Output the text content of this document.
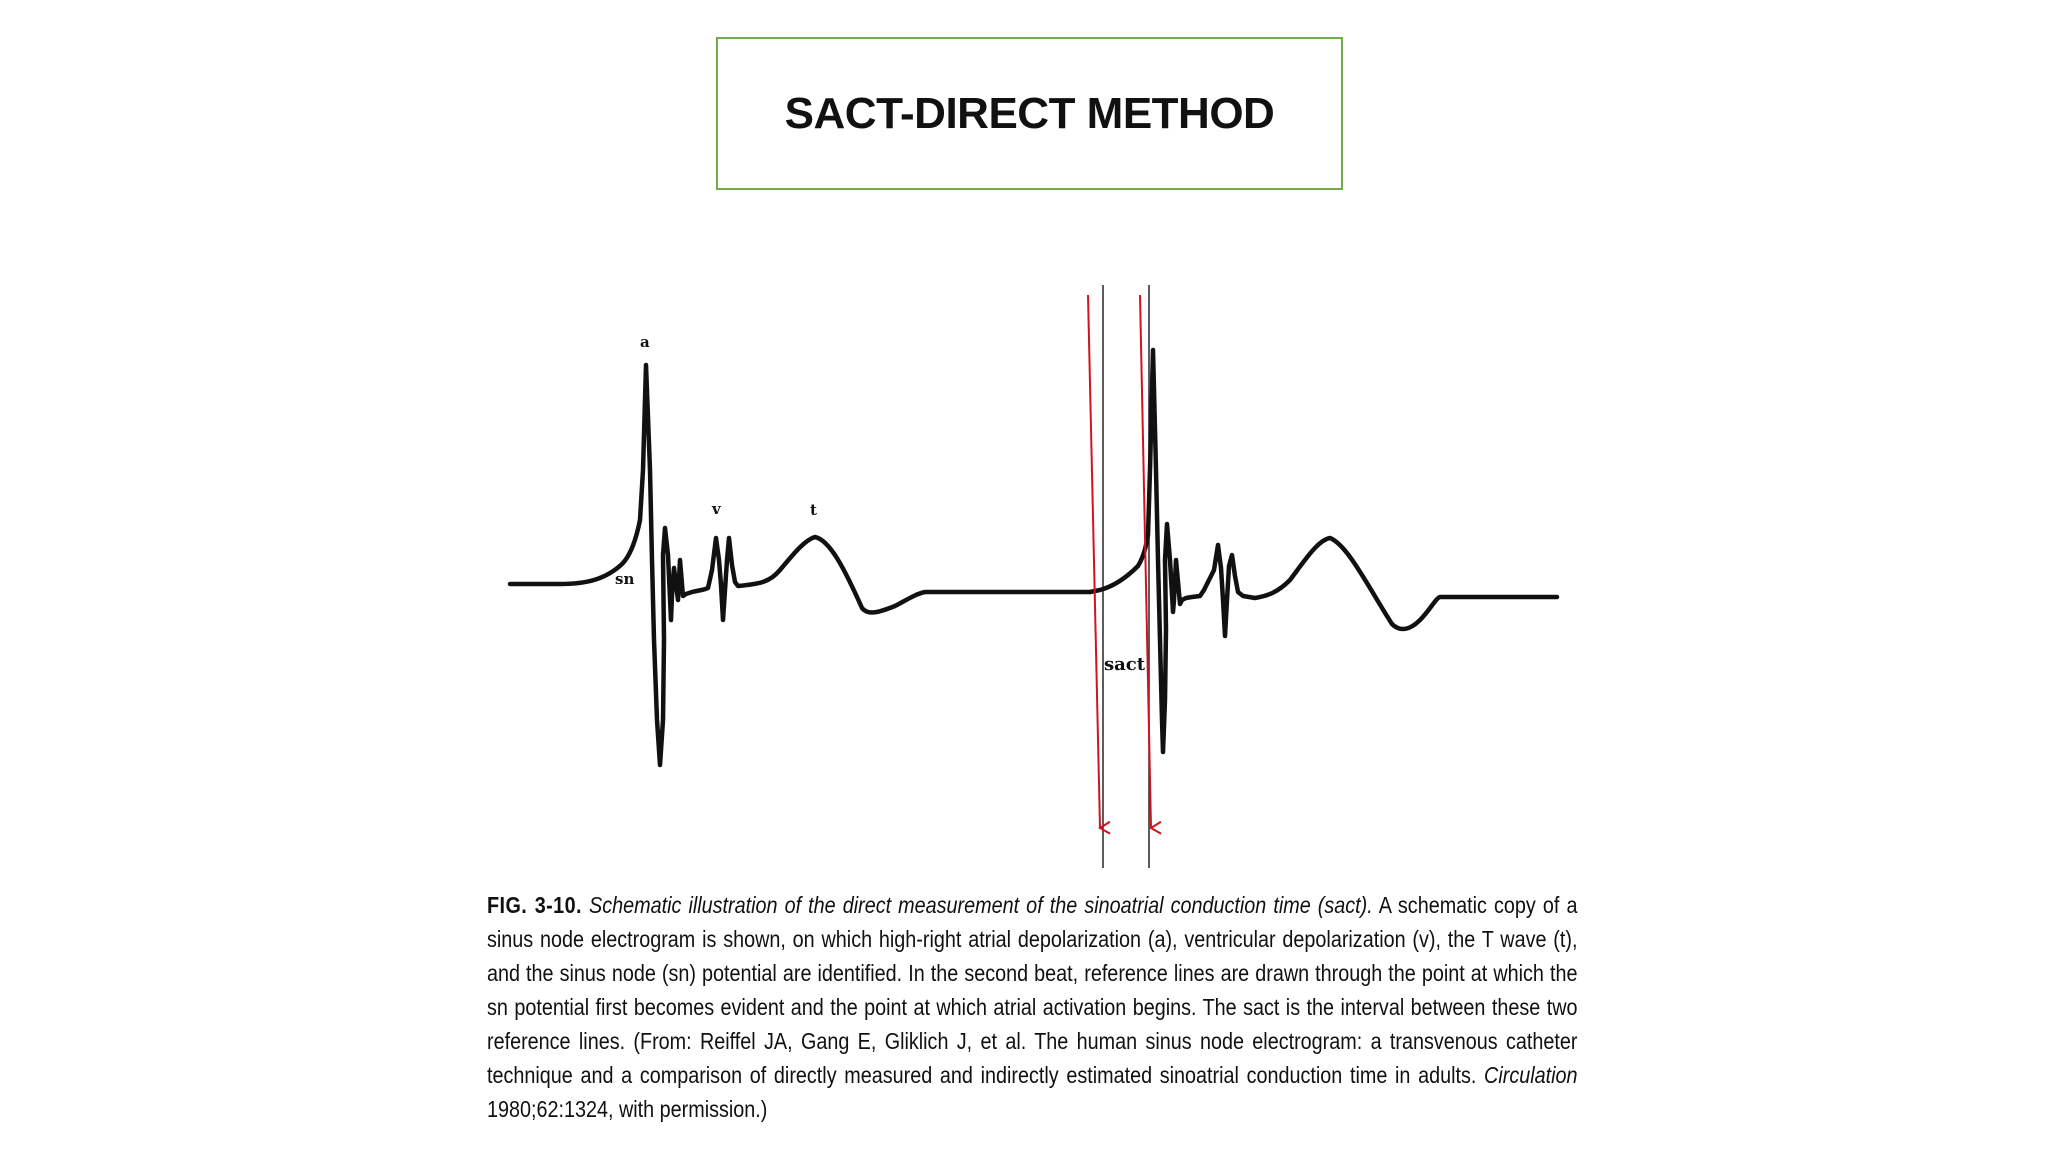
SACT-DIRECT METHOD
a
v	t
sn
sact
FIG. 3-10. Schematic illustration of the direct measurement of the sinoatrial conduction time (sact). A schematic copy of a sinus node electrogram is shown, on which high-right atrial depolarization (a), ventricular depolarization (v), the T wave (t), and the sinus node (sn) potential are identified. In the second beat, reference lines are drawn through the point at which the sn potential first becomes evident and the point at which atrial activation begins. The sact is the interval between these two reference lines. (From: Reiffel JA, Gang E, Gliklich J, et al. The human sinus node electrogram: a transvenous catheter technique and a comparison of directly measured and indirectly estimated sinoatrial conduction time in adults. Circulation 1980;62:1324, with permission.)
